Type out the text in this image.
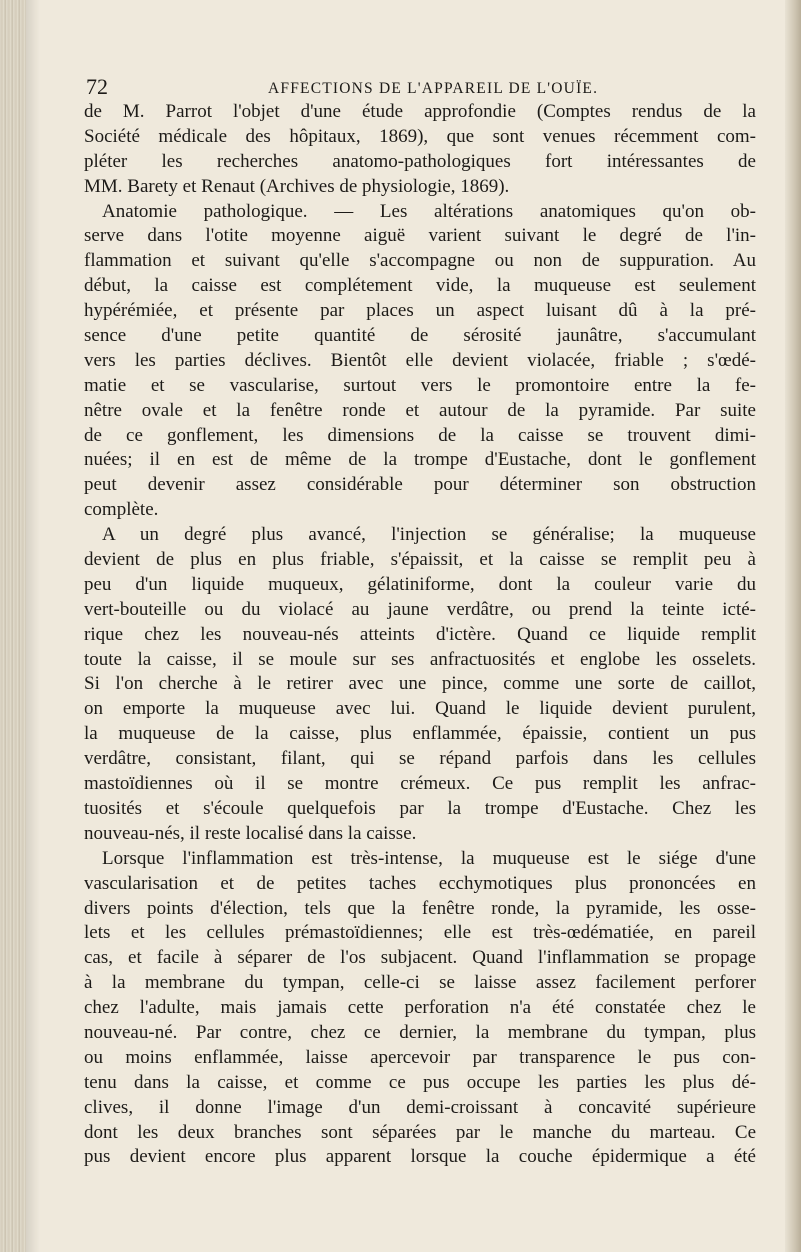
72	AFFECTIONS DE L'APPAREIL DE L'OUÏE.
de M. Parrot l'objet d'une étude approfondie (Comptes rendus de la
Société médicale des hôpitaux, 1869), que sont venues récemment com-
pléter les recherches anatomo-pathologiques fort intéressantes de
MM. Barety et Renaut (Archives de physiologie, 1869).
Anatomie pathologique. — Les altérations anatomiques qu'on ob-
serve dans l'otite moyenne aiguë varient suivant le degré de l'in-
flammation et suivant qu'elle s'accompagne ou non de suppuration. Au
début, la caisse est complétement vide, la muqueuse est seulement
hypérémiée, et présente par places un aspect luisant dû à la pré-
sence d'une petite quantité de sérosité jaunâtre, s'accumulant
vers les parties déclives. Bientôt elle devient violacée, friable ; s'œdé-
matie et se vascularise, surtout vers le promontoire entre la fe-
nêtre ovale et la fenêtre ronde et autour de la pyramide. Par suite
de ce gonflement, les dimensions de la caisse se trouvent dimi-
nuées; il en est de même de la trompe d'Eustache, dont le gonflement
peut devenir assez considérable pour déterminer son obstruction
complète.
A un degré plus avancé, l'injection se généralise; la muqueuse
devient de plus en plus friable, s'épaissit, et la caisse se remplit peu à
peu d'un liquide muqueux, gélatiniforme, dont la couleur varie du
vert-bouteille ou du violacé au jaune verdâtre, ou prend la teinte icté-
rique chez les nouveau-nés atteints d'ictère. Quand ce liquide remplit
toute la caisse, il se moule sur ses anfractuosités et englobe les osselets.
Si l'on cherche à le retirer avec une pince, comme une sorte de caillot,
on emporte la muqueuse avec lui. Quand le liquide devient purulent,
la muqueuse de la caisse, plus enflammée, épaissie, contient un pus
verdâtre, consistant, filant, qui se répand parfois dans les cellules
mastoïdiennes où il se montre crémeux. Ce pus remplit les anfrac-
tuosités et s'écoule quelquefois par la trompe d'Eustache. Chez les
nouveau-nés, il reste localisé dans la caisse.
Lorsque l'inflammation est très-intense, la muqueuse est le siége d'une
vascularisation et de petites taches ecchymotiques plus prononcées en
divers points d'élection, tels que la fenêtre ronde, la pyramide, les osse-
lets et les cellules prémastoïdiennes; elle est très-œdématiée, en pareil
cas, et facile à séparer de l'os subjacent. Quand l'inflammation se propage
à la membrane du tympan, celle-ci se laisse assez facilement perforer
chez l'adulte, mais jamais cette perforation n'a été constatée chez le
nouveau-né. Par contre, chez ce dernier, la membrane du tympan, plus
ou moins enflammée, laisse apercevoir par transparence le pus con-
tenu dans la caisse, et comme ce pus occupe les parties les plus dé-
clives, il donne l'image d'un demi-croissant à concavité supérieure
dont les deux branches sont séparées par le manche du marteau. Ce
pus devient encore plus apparent lorsque la couche épidermique a été
